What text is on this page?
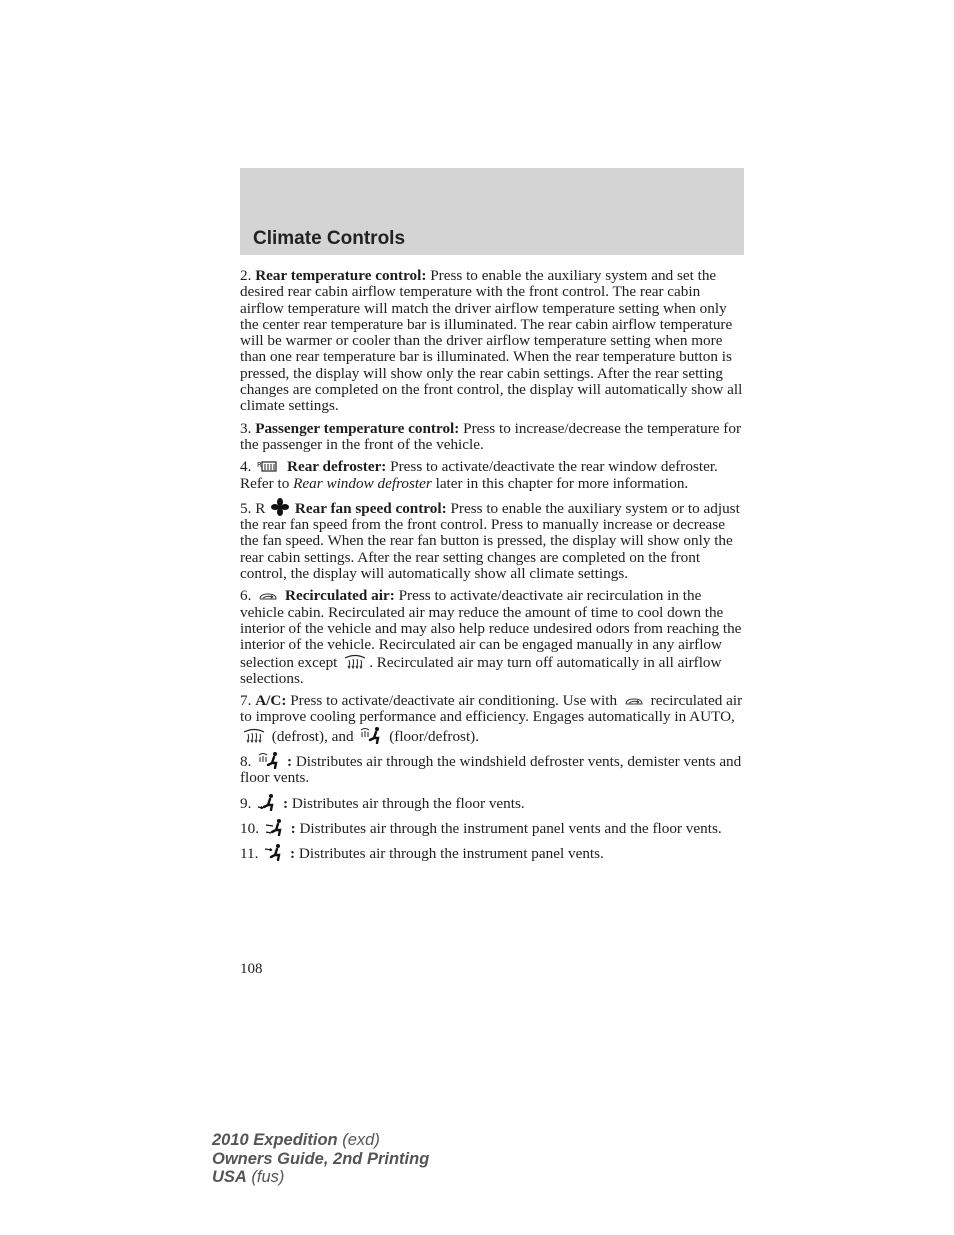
Climate Controls

2. Rear temperature control: Press to enable the auxiliary system and set the desired rear cabin airflow temperature with the front control. The rear cabin airflow temperature will match the driver airflow temperature setting when only the center rear temperature bar is illuminated. The rear cabin airflow temperature will be warmer or cooler than the driver airflow temperature setting when more than one rear temperature bar is illuminated. When the rear temperature button is pressed, the display will show only the rear cabin settings. After the rear setting changes are completed on the front control, the display will automatically show all climate settings.

3. Passenger temperature control: Press to increase/decrease the temperature for the passenger in the front of the vehicle.

4. R Rear defroster: Press to activate/deactivate the rear window defroster. Refer to Rear window defroster later in this chapter for more information.

5. R Rear fan speed control: Press to enable the auxiliary system or to adjust the rear fan speed from the front control. Press to manually increase or decrease the fan speed. When the rear fan button is pressed, the display will show only the rear cabin settings. After the rear setting changes are completed on the front control, the display will automatically show all climate settings.

6. Recirculated air: Press to activate/deactivate air recirculation in the vehicle cabin. Recirculated air may reduce the amount of time to cool down the interior of the vehicle and may also help reduce undesired odors from reaching the interior of the vehicle. Recirculated air can be engaged manually in any airflow selection except
. Recirculated air may turn off automatically in all airflow selections.

7. A/C: Press to activate/deactivate air conditioning. Use with
recirculated air to improve cooling performance and efficiency. Engages automatically in AUTO,
(defrost), and
(floor/defrost).

8. : Distributes air through the windshield defroster vents, demister vents and floor vents.

9. : Distributes air through the floor vents.

10. : Distributes air through the instrument panel vents and the floor vents.

11. : Distributes air through the instrument panel vents.

108
2010 Expedition (exd)
Owners Guide, 2nd Printing
USA (fus)
